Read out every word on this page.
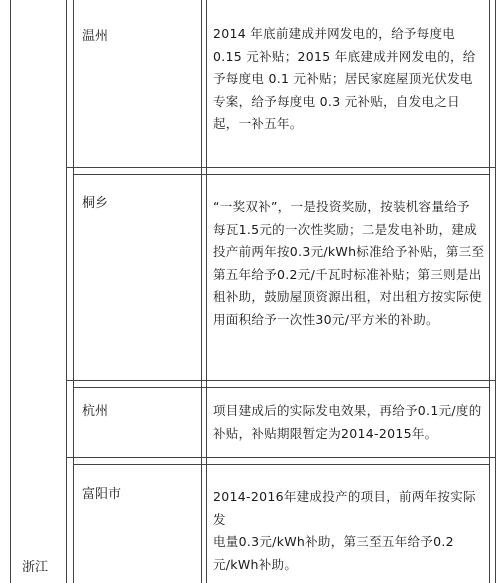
温州	2014 年底前建成并网发电的，给予每度电
0.15 元补贴；2015 年底建成并网发电的，给
予每度电 0.1 元补贴；居民家庭屋顶光伏发电
专案，给予每度电 0.3 元补贴，自发电之日
起，一补五年。
桐乡	“一奖双补”，一是投资奖励，按装机容量给予
每瓦1.5元的一次性奖励；二是发电补助，建成
投产前两年按0.3元/kWh标准给予补贴，第三至
第五年给予0.2元/千瓦时标准补贴；第三则是出
租补助，鼓励屋顶资源出租，对出租方按实际使
用面积给予一次性30元/平方米的补助。
杭州	项目建成后的实际发电效果，再给予0.1元/度的
补贴，补贴期限暂定为2014-2015年。
富阳市	2014-2016年建成投产的项目，前两年按实际发
电量0.3元/kWh补助，第三至五年给予0.2
元/kWh补助。
浙江
